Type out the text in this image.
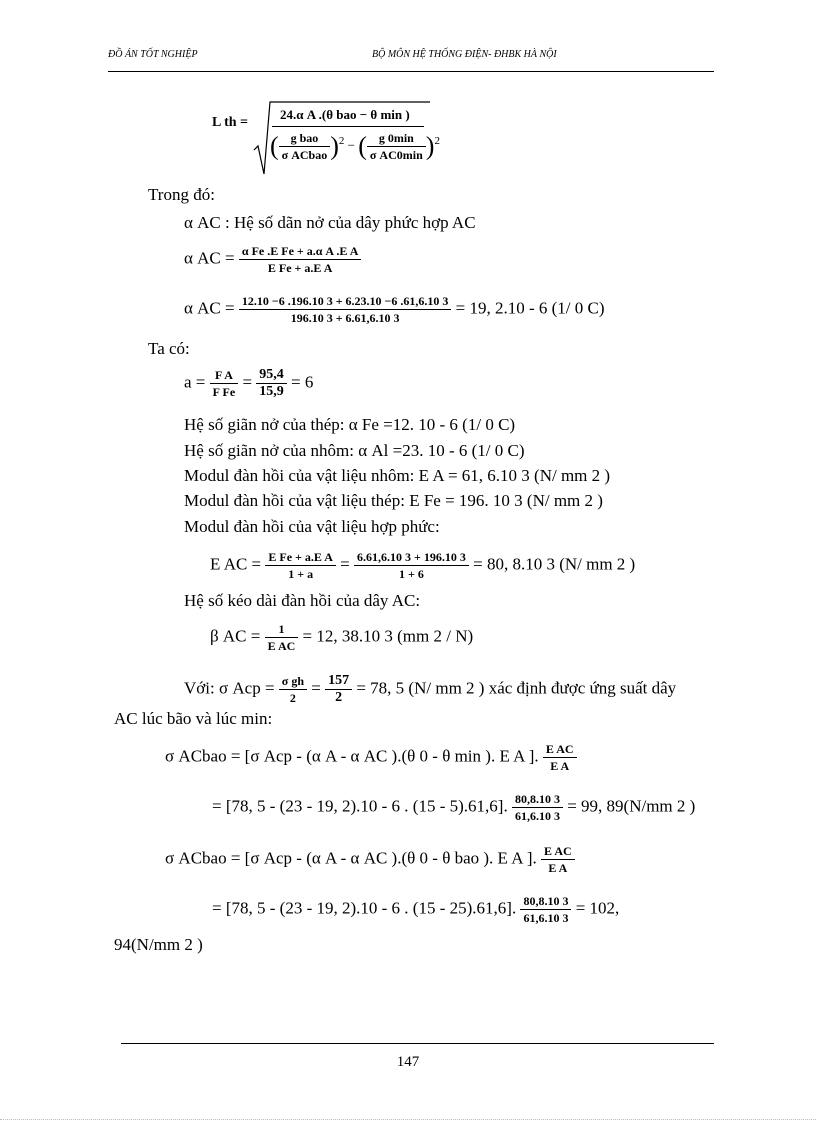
ĐỒ ÁN TỐT NGHIỆP	BỘ MÔN HỆ THỐNG ĐIỆN- ĐHBK HÀ NỘI
L th =
24.α A .(θ bao − θ min )
( $\frac{\text{g bao}}{\text{σ ACbao}} )^2$ − ( $\frac{g 0\min}{\text{σ AC0min}} )^2$
Trong đó:
α AC : Hệ số dãn nở của dây phức hợp AC
α AC = $\frac{\text{α Fe .E Fe + a.α A .E A}}{\text{E Fe + a.E A}}$
α AC = $\frac{12.10 -6 .196.10 3 + 6.23.10 -6 .61,6.10 3}{196.10 3 + 6.61,6.10 3} = 19$, 2.10 - 6 (1/ 0 C)
Ta có:
$a = \frac{\text{F A}}{\text{F Fe}} = \frac{95,4}{15,9} = 6$
Hệ số giãn nở của thép: α Fe =12. 10 - 6 (1/ 0 C)
Hệ số giãn nở của nhôm: α Al =23. 10 - 6 (1/ 0 C)
Modul đàn hồi của vật liệu nhôm: E A = 61, 6.10 3 (N/ mm 2 )
Modul đàn hồi của vật liệu thép: E Fe = 196. 10 3 (N/ mm 2 )
Modul đàn hồi của vật liệu hợp phức:
E AC = $\frac{\text{E Fe + a.E A}}{1 + a} = \frac{6.61,6.10 3 + 196.10 3}{1 + 6} = 80$, 8.10 3 (N/ mm 2 )
Hệ số kéo dài đàn hồi của dây AC:
β AC = $\frac{1}{\text{E AC}} = 12$, 38.10 3 (mm 2 / N)
Với: σ Acp = $\frac{\text{σ gh}}{2} = \frac{157}{2} = 78$, 5 (N/ mm 2 ) xác định được ứng suất dây
AC lúc bão và lúc min:
σ ACbao = [σ Acp - (α A - α AC ).(θ 0 - θ min ). E A ]. $\frac{\text{E AC}}{\text{E A}}$
= [78, 5 - (23 - 19, 2).10 - 6 . (15 - 5).61,6]. $\frac{80,8.10 3}{61,6.10 3} = 99$, 89(N/mm 2 )
σ ACbao = [σ Acp - (α A - α AC ).(θ 0 - θ bao ). E A ]. $\frac{\text{E AC}}{\text{E A}}$
= [78, 5 - (23 - 19, 2).10 - 6 . (15 - 25).61,6]. $\frac{80,8.10 3}{61,6.10 3} = 102$,
94(N/mm 2 )
147
